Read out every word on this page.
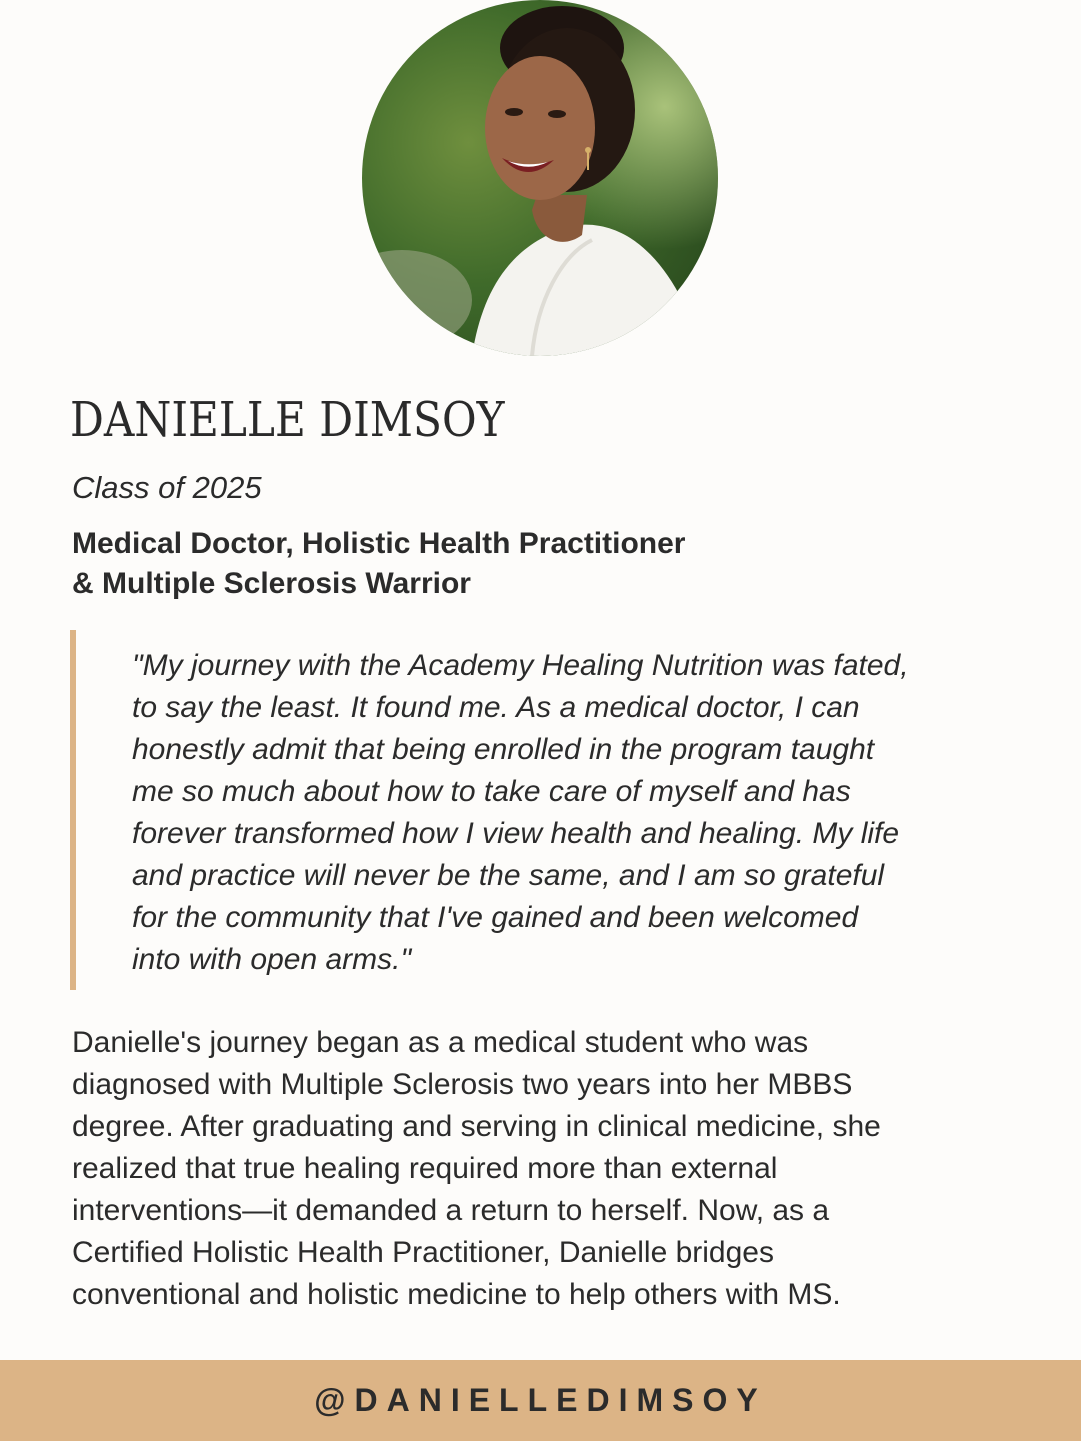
DANIELLE DIMSOY

Class of 2025

Medical Doctor, Holistic Health Practitioner
& Multiple Sclerosis Warrior

"My journey with the Academy Healing Nutrition was fated,
to say the least. It found me. As a medical doctor, I can
honestly admit that being enrolled in the program taught
me so much about how to take care of myself and has
forever transformed how I view health and healing. My life
and practice will never be the same, and I am so grateful
for the community that I've gained and been welcomed
into with open arms."

Danielle's journey began as a medical student who was
diagnosed with Multiple Sclerosis two years into her MBBS
degree. After graduating and serving in clinical medicine, she
realized that true healing required more than external
interventions—it demanded a return to herself. Now, as a
Certified Holistic Health Practitioner, Danielle bridges
conventional and holistic medicine to help others with MS.

@DANIELLEDIMSOY
